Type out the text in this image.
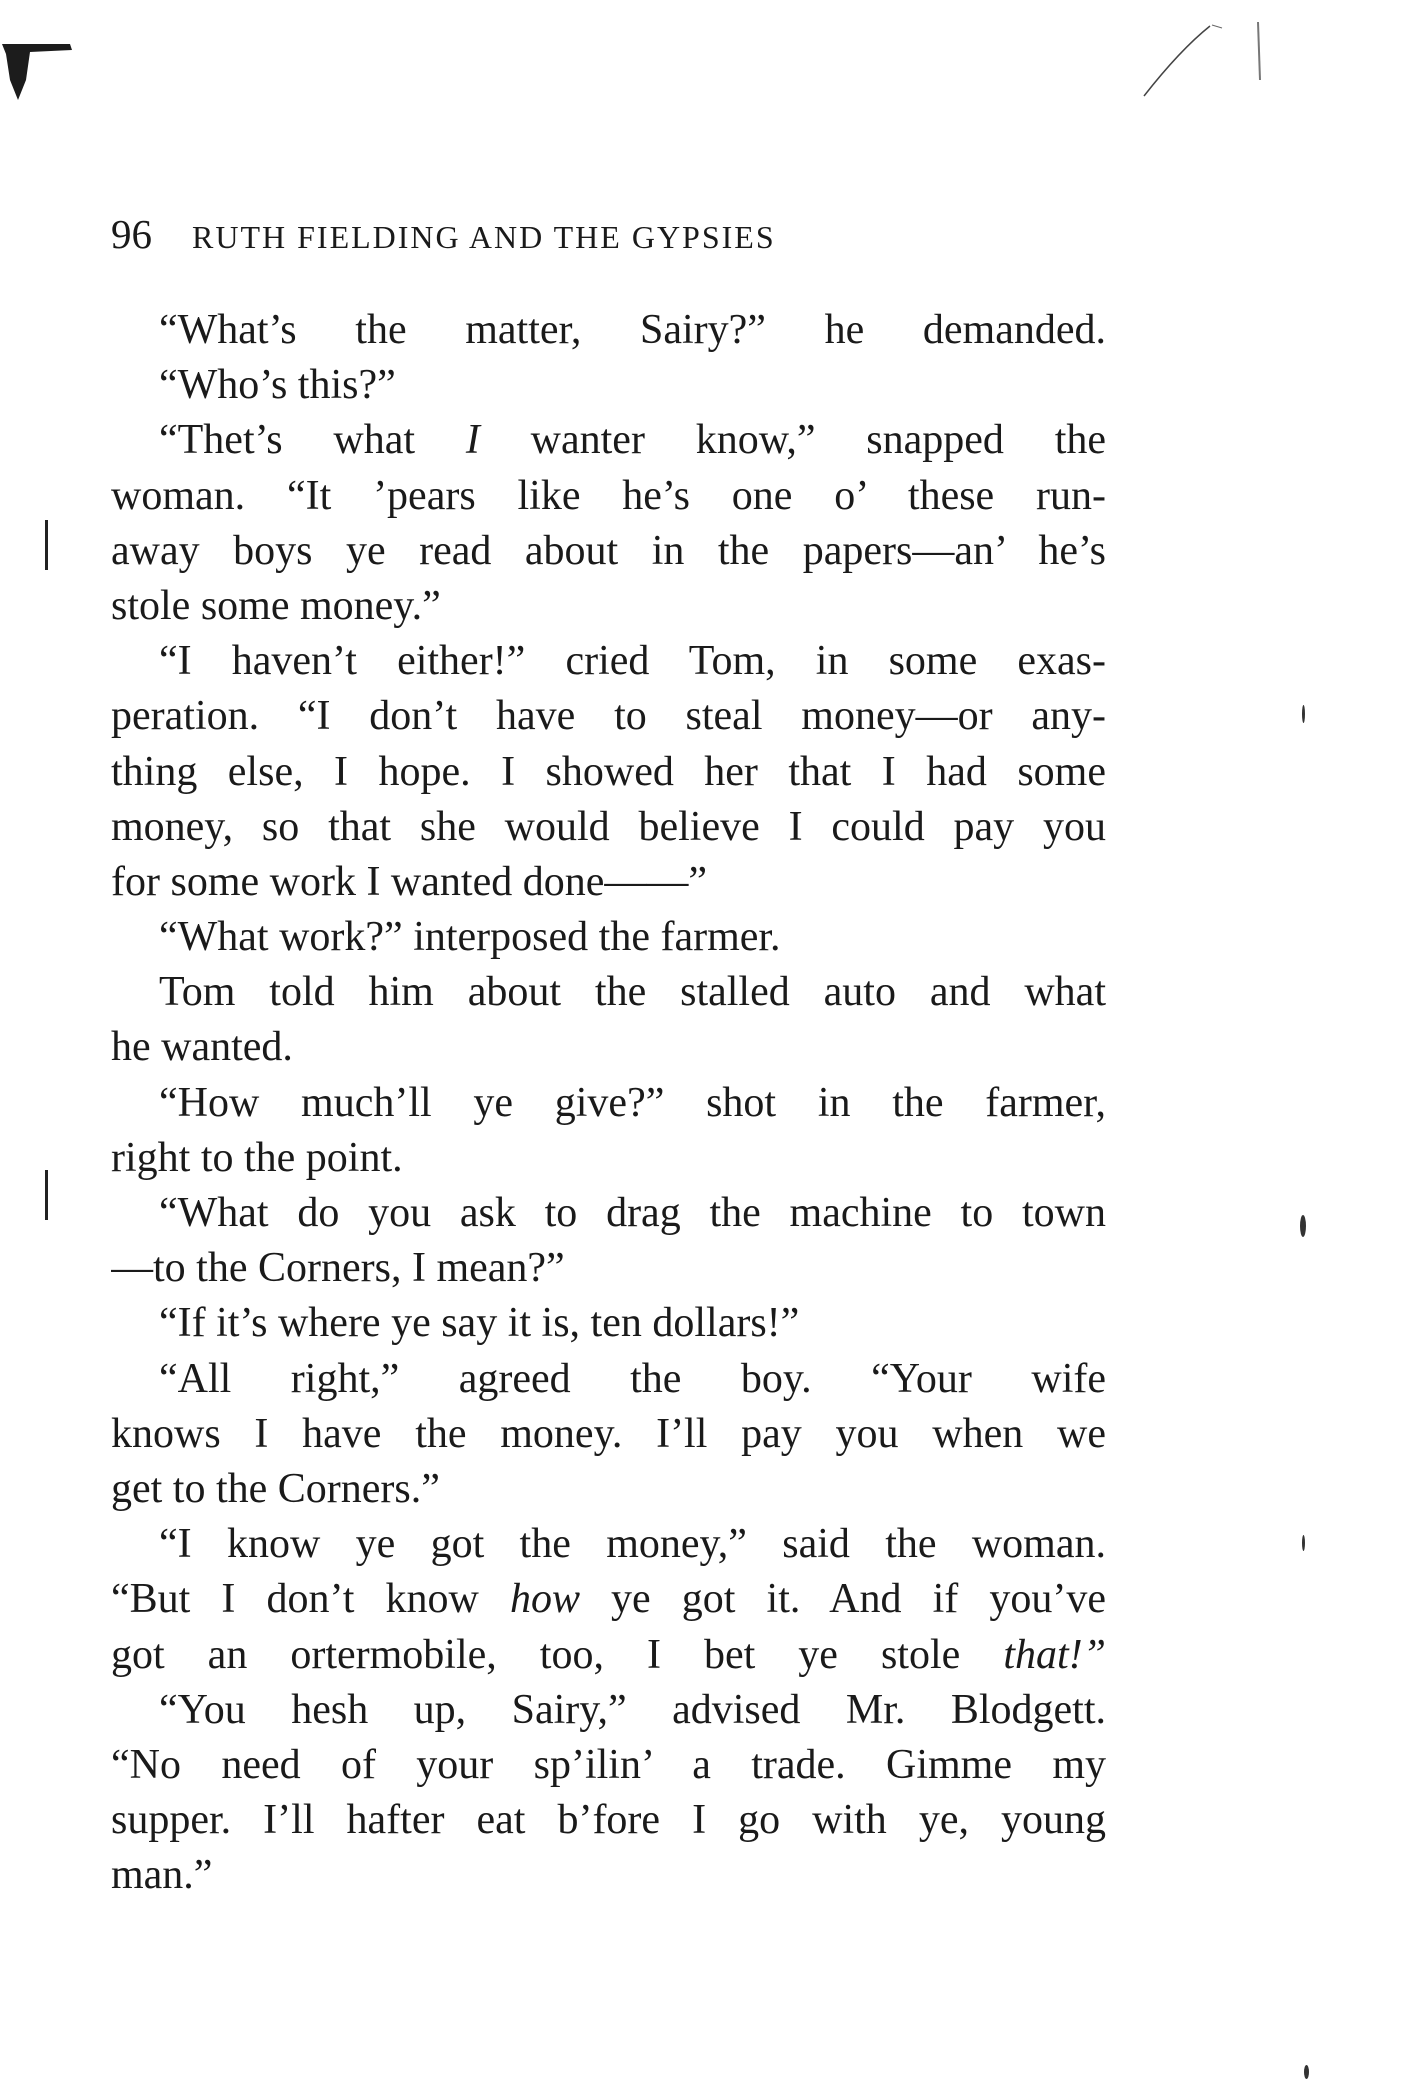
96 RUTH FIELDING AND THE GYPSIES
“What’s the matter, Sairy?” he demanded.
“Who’s this?”
“Thet’s what I wanter know,” snapped the
woman. “It ’pears like he’s one o’ these run-
away boys ye read about in the papers—an’ he’s
stole some money.”
“I haven’t either!” cried Tom, in some exas-
peration. “I don’t have to steal money—or any-
thing else, I hope. I showed her that I had some
money, so that she would believe I could pay you
for some work I wanted done——”
“What work?” interposed the farmer.
Tom told him about the stalled auto and what
he wanted.
“How much’ll ye give?” shot in the farmer,
right to the point.
“What do you ask to drag the machine to town
—to the Corners, I mean?”
“If it’s where ye say it is, ten dollars!”
“All right,” agreed the boy. “Your wife
knows I have the money. I’ll pay you when we
get to the Corners.”
“I know ye got the money,” said the woman.
“But I don’t know how ye got it. And if you’ve
got an ortermobile, too, I bet ye stole that!”
“You hesh up, Sairy,” advised Mr. Blodgett.
“No need of your sp’ilin’ a trade. Gimme my
supper. I’ll hafter eat b’fore I go with ye, young
man.”
